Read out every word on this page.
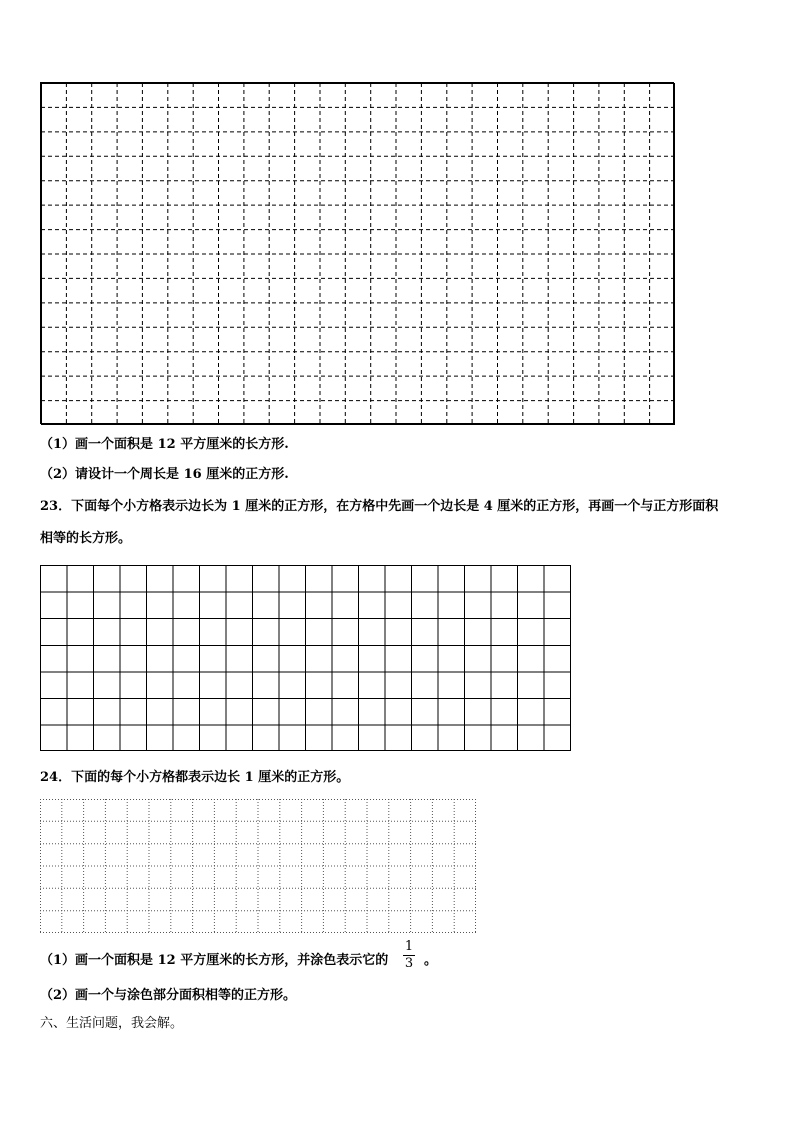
（1）画一个面积是 12 平方厘米的长方形.
（2）请设计一个周长是 16 厘米的正方形.
23．下面每个小方格表示边长为 1 厘米的正方形，在方格中先画一个边长是 4 厘米的正方形，再画一个与正方形面积
相等的长方形。
24．下面的每个小方格都表示边长 1 厘米的正方形。
（1）画一个面积是 12 平方厘米的长方形，并涂色表示它的
1
3 。
（2）画一个与涂色部分面积相等的正方形。
六、生活问题，我会解。
